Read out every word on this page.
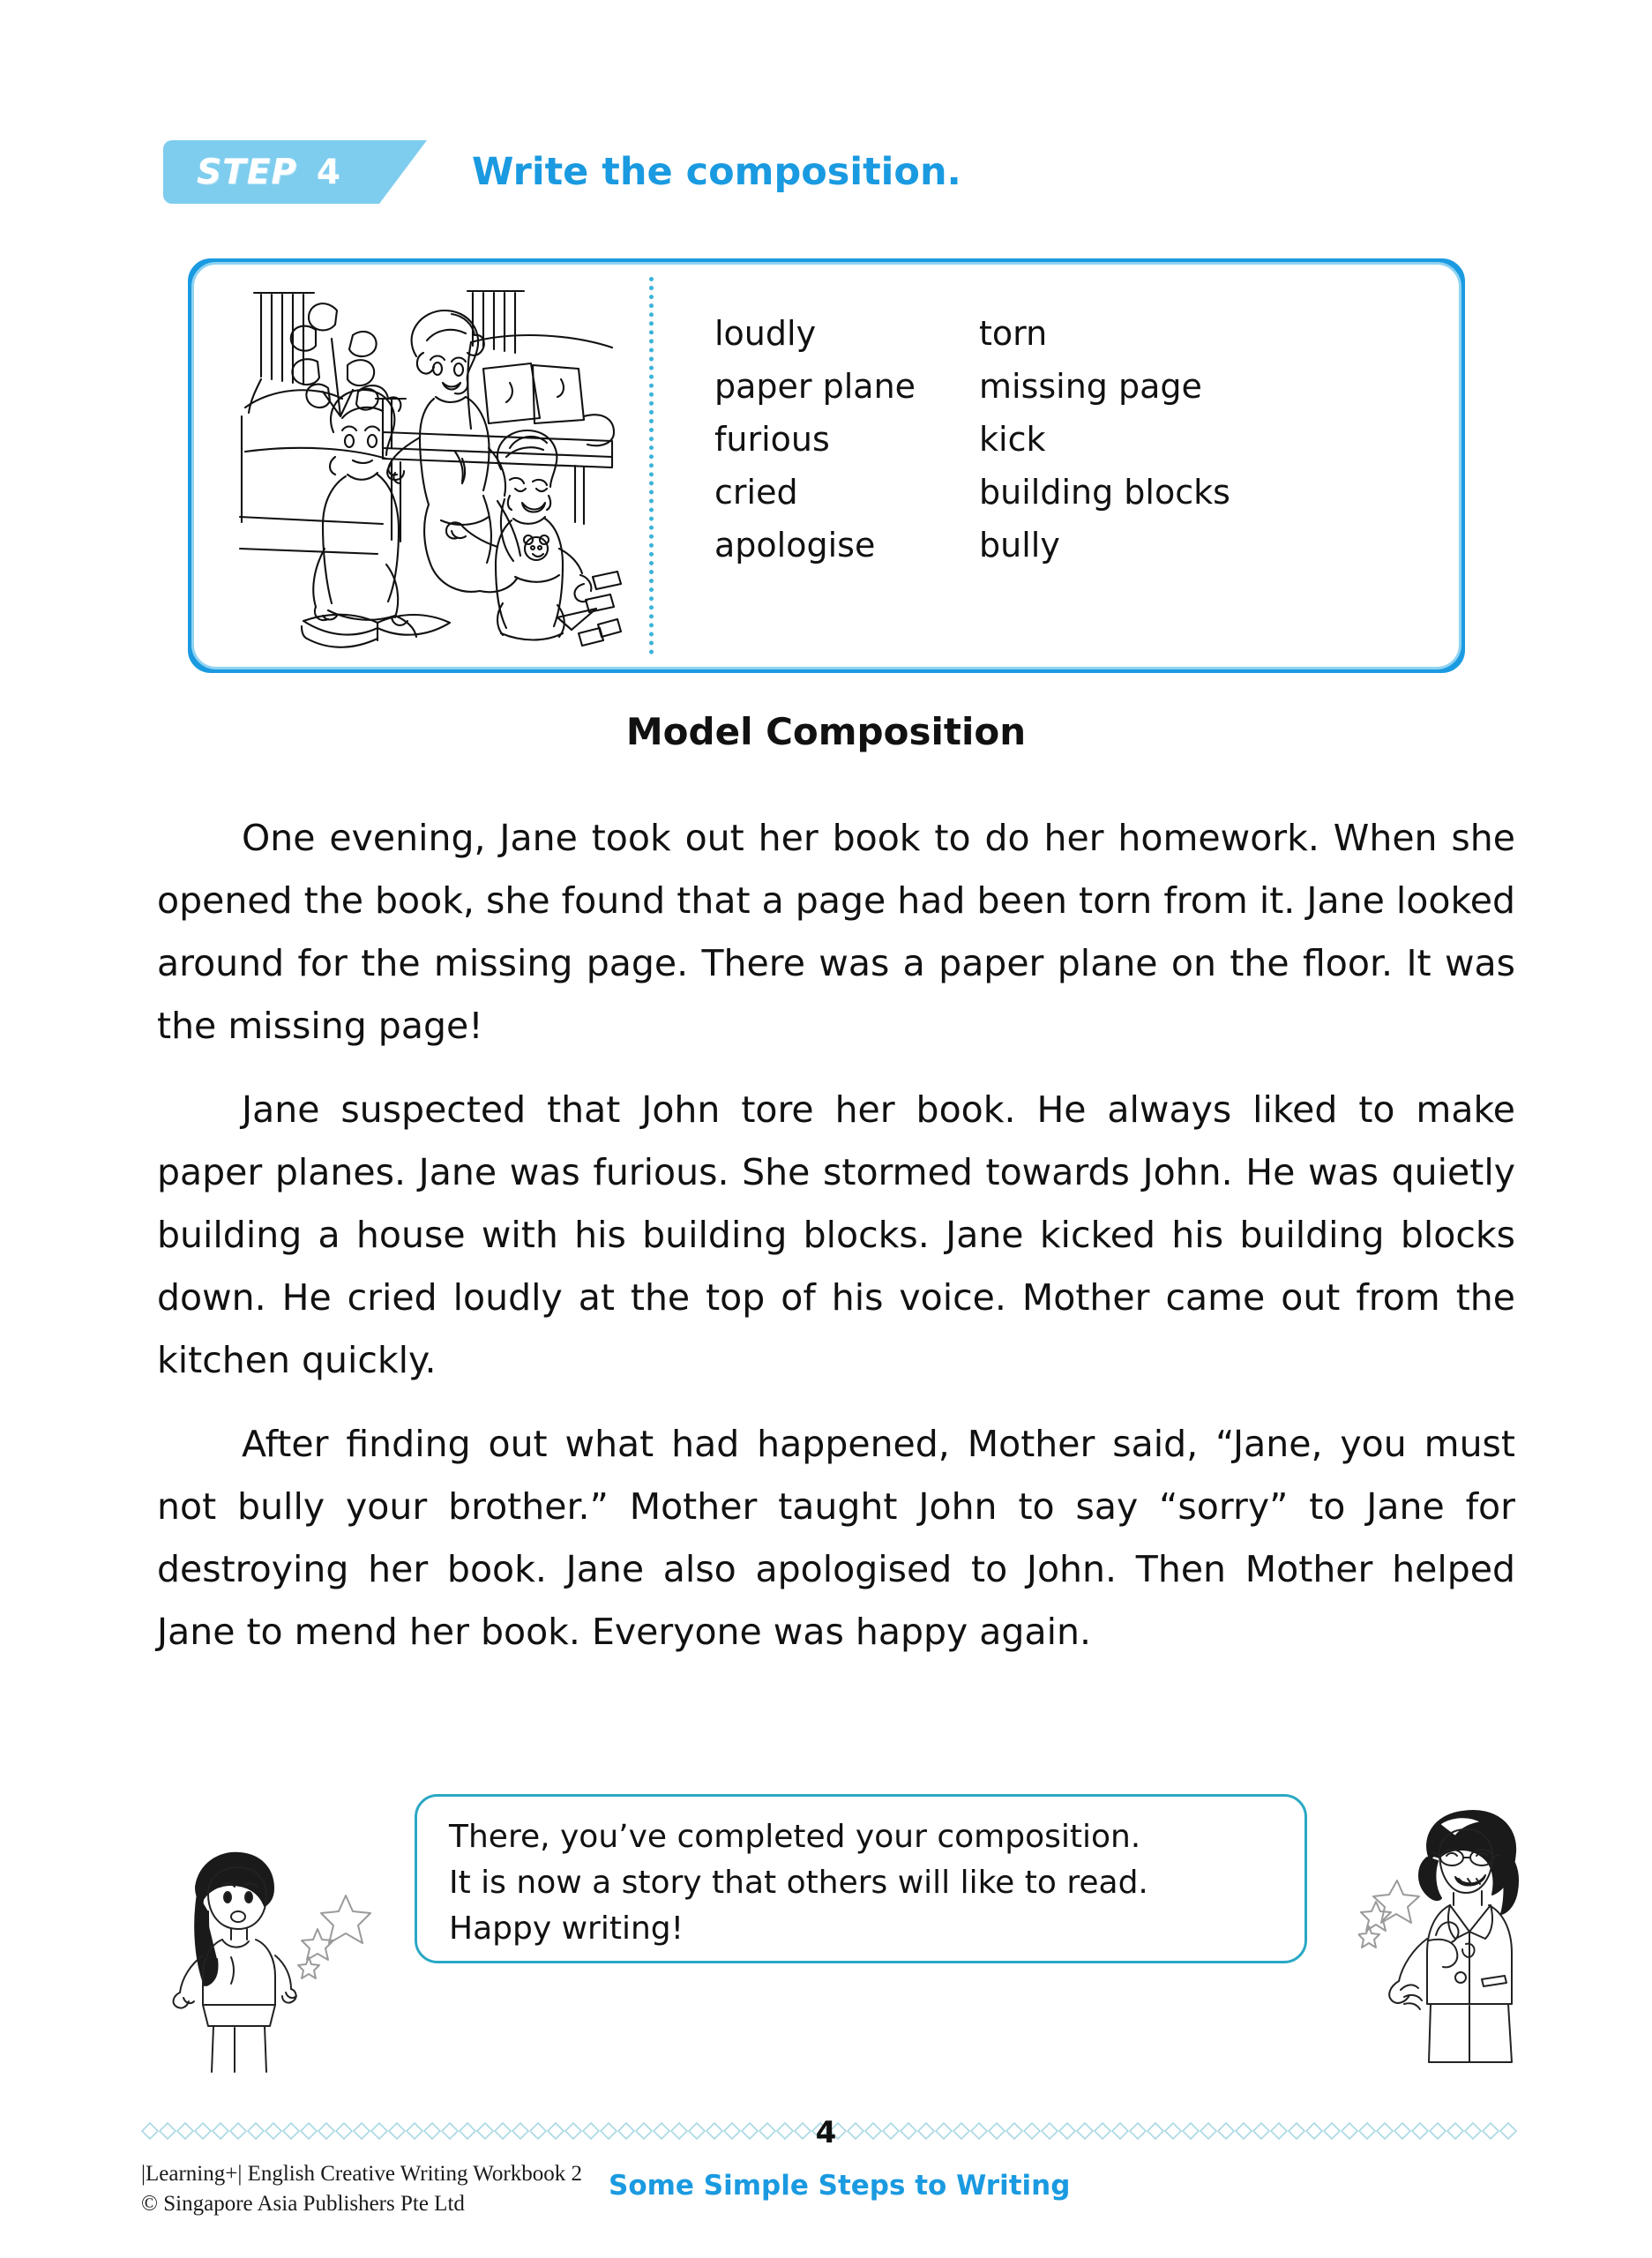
STEP 4	Write the composition.
loudly
paper plane
furious
cried
apologise
torn
missing page
kick
building blocks
bully
Model Composition

One evening, Jane took out her book to do her homework. When she opened the book, she found that a page had been torn from it. Jane looked around for the missing page. There was a paper plane on the floor. It was the missing page!

Jane suspected that John tore her book. He always liked to make paper planes. Jane was furious. She stormed towards John. He was quietly building a house with his building blocks. Jane kicked his building blocks down. He cried loudly at the top of his voice. Mother came out from the kitchen quickly.

After finding out what had happened, Mother said, “Jane, you must not bully your brother.” Mother taught John to say “sorry” to Jane for destroying her book. Jane also apologised to John. Then Mother helped Jane to mend her book. Everyone was happy again.

There, you’ve completed your composition.
It is now a story that others will like to read.
Happy writing!
4
|Learning+| English Creative Writing Workbook 2
© Singapore Asia Publishers Pte Ltd
Some Simple Steps to Writing
